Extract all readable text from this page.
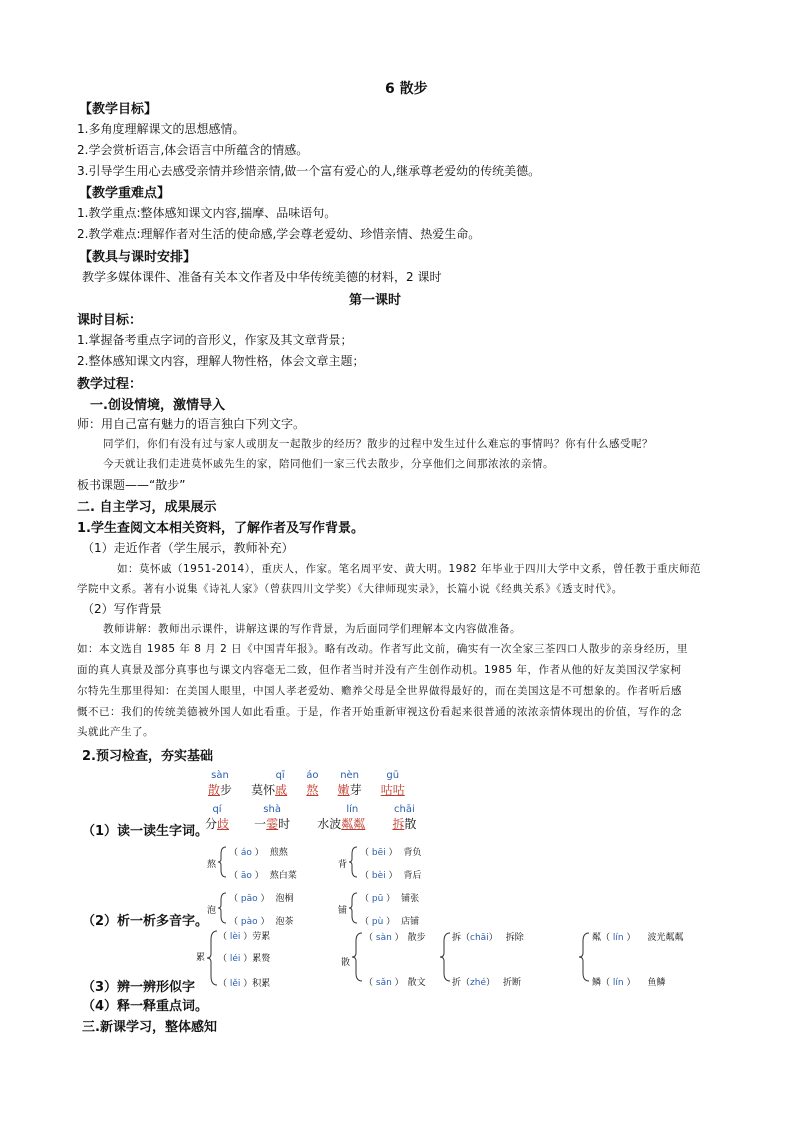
6 散步
【教学目标】
1.多角度理解课文的思想感情。
2.学会赏析语言,体会语言中所蕴含的情感。
3.引导学生用心去感受亲情并珍惜亲情,做一个富有爱心的人,继承尊老爱幼的传统美德。
【教学重难点】
1.教学重点:整体感知课文内容,揣摩、品味语句。
2.教学难点:理解作者对生活的使命感,学会尊老爱幼、珍惜亲情、热爱生命。
【教具与课时安排】
教学多媒体课件、准备有关本文作者及中华传统美德的材料，2 课时
第一课时
课时目标：
1.掌握备考重点字词的音形义，作家及其文章背景；
2.整体感知课文内容，理解人物性格，体会文章主题；
教学过程：
一.创设情境，激情导入
师：用自己富有魅力的语言独白下列文字。
同学们，你们有没有过与家人或朋友一起散步的经历？散步的过程中发生过什么难忘的事情吗？你有什么感受呢？
今天就让我们走进莫怀戚先生的家，陪同他们一家三代去散步，分享他们之间那浓浓的亲情。
板书课题——“散步”
二. 自主学习，成果展示
1.学生查阅文本相关资料，了解作者及写作背景。
（1）走近作者（学生展示，教师补充）
如：莫怀戚（1951-2014），重庆人，作家。笔名周平安、黄大明。1982 年毕业于四川大学中文系，曾任教于重庆师范
学院中文系。著有小说集《诗礼人家》（曾获四川文学奖）《大律师现实录》，长篇小说《经典关系》《透支时代》。
（2）写作背景
教师讲解：教师出示课件，讲解这课的写作背景，为后面同学们理解本文内容做准备。
如：本文选自 1985 年 8 月 2 日《中国青年报》。略有改动。作者写此文前，确实有一次全家三荃四口人散步的亲身经历，里
面的真人真景及部分真事也与课文内容毫无二致，但作者当时并没有产生创作动机。1985 年，作者从他的好友美国汉学家柯
尔特先生那里得知：在美国人眼里，中国人孝老爱幼、赡养父母是全世界做得最好的，而在美国这是不可想象的。作者听后感
慨不已：我们的传统美德被外国人如此看重。于是，作者开始重新审视这份看起来很普通的浓浓亲情体现出的价值，写作的念
头就此产生了。
2.预习检查，夯实基础
sàn
散步

qī
莫怀戚

áo
熬

nèn
嫩芽

gū
咕咕
（1）读一读生字词。
qí
分歧

shà
一霎时

lín
水波粼粼

chāi
拆散
熬
（ áo ） 煎熬
（ āo ） 熬白菜
背
（ bēi ） 背负
（ bèi ） 背后
（2）析一析多音字。
泡
（ pāo ） 泡桐
（ pào ） 泡茶
铺
（ pū ） 铺张
（ pù ） 店铺
累
（ lèi ）劳累
（ léi ）累赘
（ lěi ）积累
散
（ sàn ） 散步
（ sǎn ） 散文
拆（chāi） 拆除
折（zhé） 折断
粼（ lín ） 波光粼粼
鳞（ lín ） 鱼鳞
（3）辨一辨形似字
（4）释一释重点词。
三.新课学习，整体感知
